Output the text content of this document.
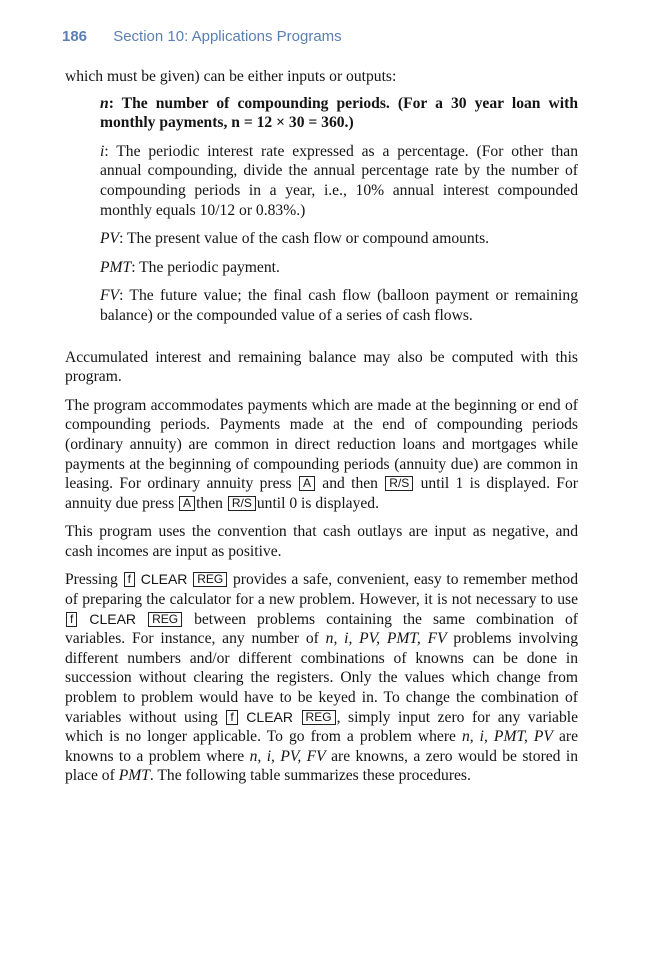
186 Section 10: Applications Programs

which must be given) can be either inputs or outputs:

n: The number of compounding periods. (For a 30 year loan with monthly payments, n = 12 × 30 = 360.)

i: The periodic interest rate expressed as a percentage. (For other than annual compounding, divide the annual percentage rate by the number of compounding periods in a year, i.e., 10% annual interest compounded monthly equals 10/12 or 0.83%.)

PV: The present value of the cash flow or compound amounts.

PMT: The periodic payment.

FV: The future value; the final cash flow (balloon payment or remaining balance) or the compounded value of a series of cash flows.

Accumulated interest and remaining balance may also be computed with this program.

The program accommodates payments which are made at the beginning or end of compounding periods. Payments made at the end of compounding periods (ordinary annuity) are common in direct reduction loans and mortgages while payments at the beginning of compounding periods (annuity due) are common in leasing. For ordinary annuity press A and then R/S until 1 is displayed. For annuity due press A then R/S until 0 is displayed.

This program uses the convention that cash outlays are input as negative, and cash incomes are input as positive.

Pressing f CLEAR REG provides a safe, convenient, easy to remember method of preparing the calculator for a new problem. However, it is not necessary to use f CLEAR REG between problems containing the same combination of variables. For instance, any number of n, i, PV, PMT, FV problems involving different numbers and/or different combinations of knowns can be done in succession without clearing the registers. Only the values which change from problem to problem would have to be keyed in. To change the combination of variables without using f CLEAR REG , simply input zero for any variable which is no longer applicable. To go from a problem where n, i, PMT, PV are knowns to a problem where n, i, PV, FV are knowns, a zero would be stored in place of PMT. The following table summarizes these procedures.
